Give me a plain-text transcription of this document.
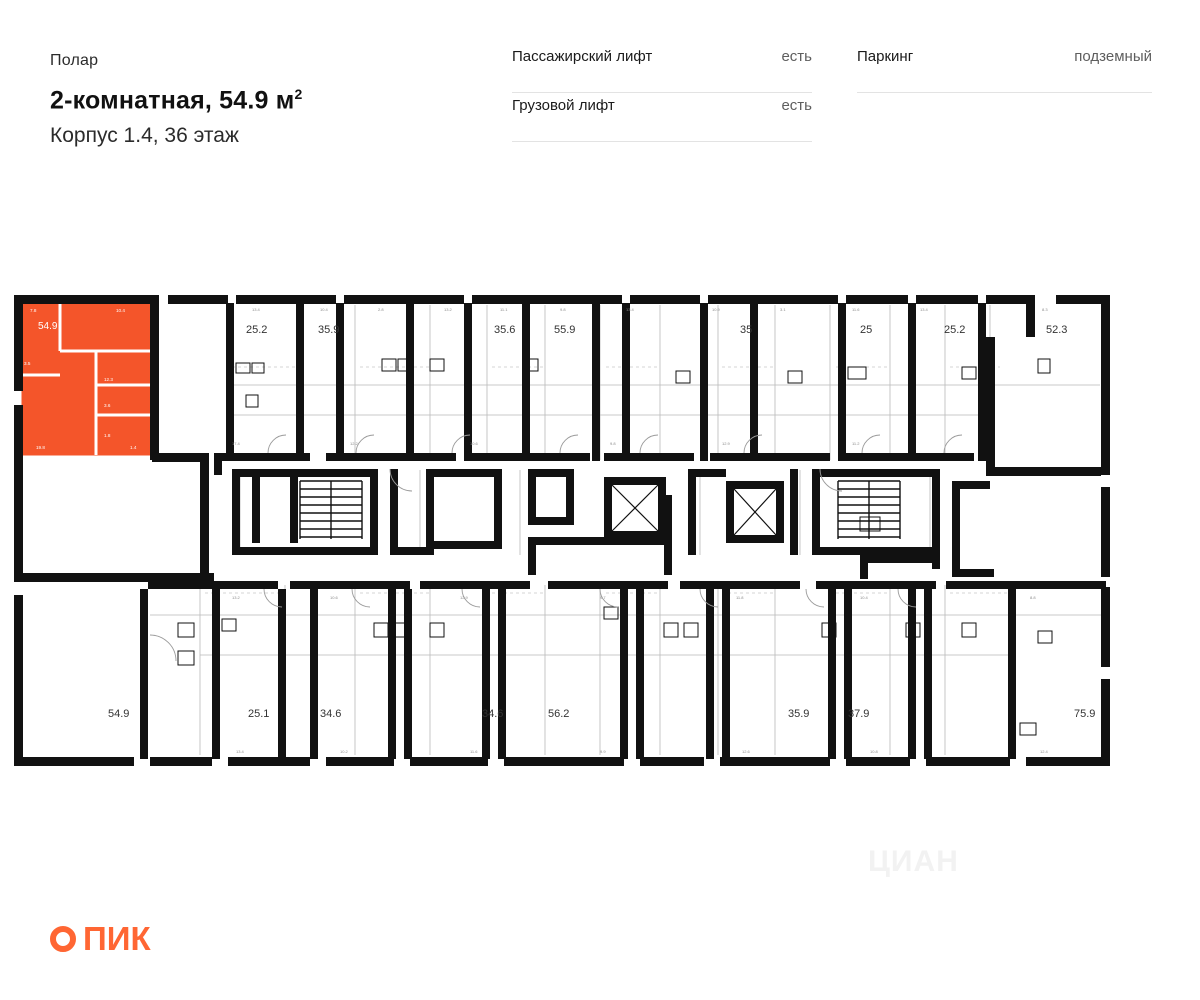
Полар
2-комнатная, 54.9 $м^2$
Корпус 1.4, 36 этаж
Пассажирский лифт	есть
Грузовой лифт	есть
Паркинг	подземный
7.8	10.4
3.5
12.3
3.6
1.8
19.8	1.4
54.9	25.2	35.9	35.6	55.9	35	25	25.2	52.3
54.9	25.1	34.6	34.6	56.2	35.9	37.9	75.9
13.4	10.4	2.8	13.2	11.1	9.8	13.4	10.9	3.1	11.6	13.4	8.3
17.4	12.2	10.6	9.8	12.9	11.2
13.2	10.6	12.9	9.7	11.8	10.4	8.8
13.4	10.2	11.6	9.9	12.6	10.8	12.4
ЦИАН
ПИК
